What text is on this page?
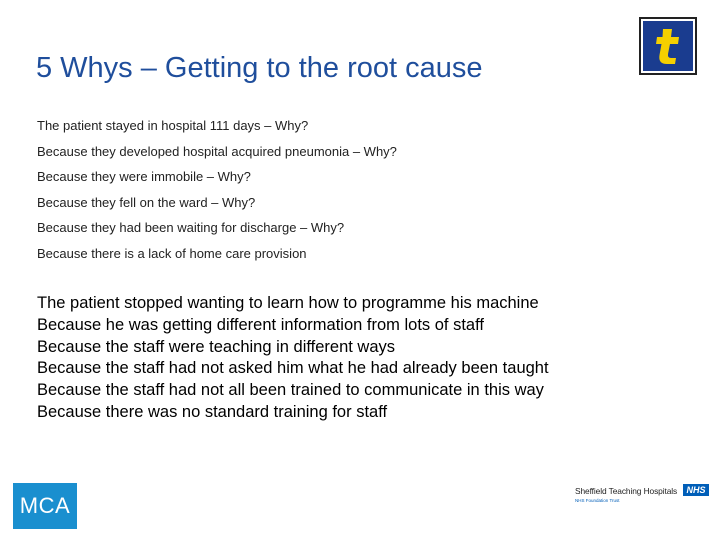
5 Whys – Getting to the root cause
The patient stayed in hospital 111 days – Why?
Because they developed hospital acquired pneumonia – Why?
Because they were immobile – Why?
Because they fell on the ward – Why?
Because they had been waiting for discharge – Why?
Because there is a lack of home care provision
The patient stopped wanting to learn how to programme his machine
Because he was getting different information from lots of staff
Because the staff were teaching in different ways
Because the staff had not asked him what he had already been taught
Because the staff had not all been trained to communicate in this way
Because there was no standard training for staff
MCA
Sheffield Teaching Hospitals	NHS
NHS Foundation Trust
